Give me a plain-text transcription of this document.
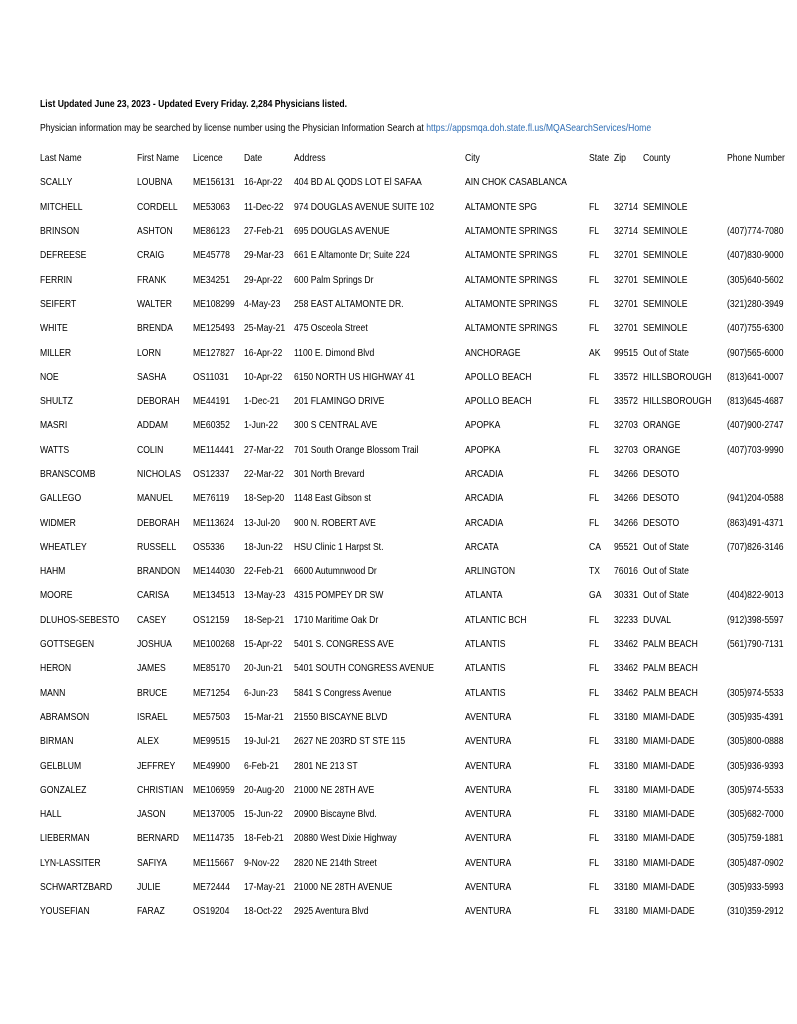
List Updated June 23, 2023 - Updated Every Friday. 2,284 Physicians listed.
Physician information may be searched by license number using the Physician Information Search at https://appsmqa.doh.state.fl.us/MQASearchServices/Home
Last Name	First Name	Licence	Date	Address	City	State	Zip	County	Phone Number
SCALLY	LOUBNA	ME156131	16-Apr-22	404 BD AL QODS LOT El SAFAA	AIN CHOK CASABLANCA				
MITCHELL	CORDELL	ME53063	11-Dec-22	974 DOUGLAS AVENUE SUITE 102	ALTAMONTE SPG	FL	32714	SEMINOLE	
BRINSON	ASHTON	ME86123	27-Feb-21	695 DOUGLAS AVENUE	ALTAMONTE SPRINGS	FL	32714	SEMINOLE	(407)774-7080
DEFREESE	CRAIG	ME45778	29-Mar-23	661 E Altamonte Dr; Suite 224	ALTAMONTE SPRINGS	FL	32701	SEMINOLE	(407)830-9000
FERRIN	FRANK	ME34251	29-Apr-22	600 Palm Springs Dr	ALTAMONTE SPRINGS	FL	32701	SEMINOLE	(305)640-5602
SEIFERT	WALTER	ME108299	4-May-23	258 EAST ALTAMONTE DR.	ALTAMONTE SPRINGS	FL	32701	SEMINOLE	(321)280-3949
WHITE	BRENDA	ME125493	25-May-21	475 Osceola Street	ALTAMONTE SPRINGS	FL	32701	SEMINOLE	(407)755-6300
MILLER	LORN	ME127827	16-Apr-22	1100 E. Dimond Blvd	ANCHORAGE	AK	99515	Out of State	(907)565-6000
NOE	SASHA	OS11031	10-Apr-22	6150 NORTH US HIGHWAY 41	APOLLO BEACH	FL	33572	HILLSBOROUGH	(813)641-0007
SHULTZ	DEBORAH	ME44191	1-Dec-21	201 FLAMINGO DRIVE	APOLLO BEACH	FL	33572	HILLSBOROUGH	(813)645-4687
MASRI	ADDAM	ME60352	1-Jun-22	300 S CENTRAL AVE	APOPKA	FL	32703	ORANGE	(407)900-2747
WATTS	COLIN	ME114441	27-Mar-22	701 South Orange Blossom Trail	APOPKA	FL	32703	ORANGE	(407)703-9990
BRANSCOMB	NICHOLAS	OS12337	22-Mar-22	301 North Brevard	ARCADIA	FL	34266	DESOTO	
GALLEGO	MANUEL	ME76119	18-Sep-20	1148 East Gibson st	ARCADIA	FL	34266	DESOTO	(941)204-0588
WIDMER	DEBORAH	ME113624	13-Jul-20	900 N. ROBERT AVE	ARCADIA	FL	34266	DESOTO	(863)491-4371
WHEATLEY	RUSSELL	OS5336	18-Jun-22	HSU Clinic 1 Harpst St.	ARCATA	CA	95521	Out of State	(707)826-3146
HAHM	BRANDON	ME144030	22-Feb-21	6600 Autumnwood Dr	ARLINGTON	TX	76016	Out of State	
MOORE	CARISA	ME134513	13-May-23	4315 POMPEY DR SW	ATLANTA	GA	30331	Out of State	(404)822-9013
DLUHOS-SEBESTO	CASEY	OS12159	18-Sep-21	1710 Maritime Oak Dr	ATLANTIC BCH	FL	32233	DUVAL	(912)398-5597
GOTTSEGEN	JOSHUA	ME100268	15-Apr-22	5401 S. CONGRESS AVE	ATLANTIS	FL	33462	PALM BEACH	(561)790-7131
HERON	JAMES	ME85170	20-Jun-21	5401 SOUTH CONGRESS AVENUE	ATLANTIS	FL	33462	PALM BEACH	
MANN	BRUCE	ME71254	6-Jun-23	5841 S Congress Avenue	ATLANTIS	FL	33462	PALM BEACH	(305)974-5533
ABRAMSON	ISRAEL	ME57503	15-Mar-21	21550 BISCAYNE BLVD	AVENTURA	FL	33180	MIAMI-DADE	(305)935-4391
BIRMAN	ALEX	ME99515	19-Jul-21	2627 NE 203RD ST STE 115	AVENTURA	FL	33180	MIAMI-DADE	(305)800-0888
GELBLUM	JEFFREY	ME49900	6-Feb-21	2801 NE 213 ST	AVENTURA	FL	33180	MIAMI-DADE	(305)936-9393
GONZALEZ	CHRISTIAN	ME106959	20-Aug-20	21000 NE 28TH AVE	AVENTURA	FL	33180	MIAMI-DADE	(305)974-5533
HALL	JASON	ME137005	15-Jun-22	20900 Biscayne Blvd.	AVENTURA	FL	33180	MIAMI-DADE	(305)682-7000
LIEBERMAN	BERNARD	ME114735	18-Feb-21	20880 West Dixie Highway	AVENTURA	FL	33180	MIAMI-DADE	(305)759-1881
LYN-LASSITER	SAFIYA	ME115667	9-Nov-22	2820 NE 214th Street	AVENTURA	FL	33180	MIAMI-DADE	(305)487-0902
SCHWARTZBARD	JULIE	ME72444	17-May-21	21000 NE 28TH AVENUE	AVENTURA	FL	33180	MIAMI-DADE	(305)933-5993
YOUSEFIAN	FARAZ	OS19204	18-Oct-22	2925 Aventura Blvd	AVENTURA	FL	33180	MIAMI-DADE	(310)359-2912
